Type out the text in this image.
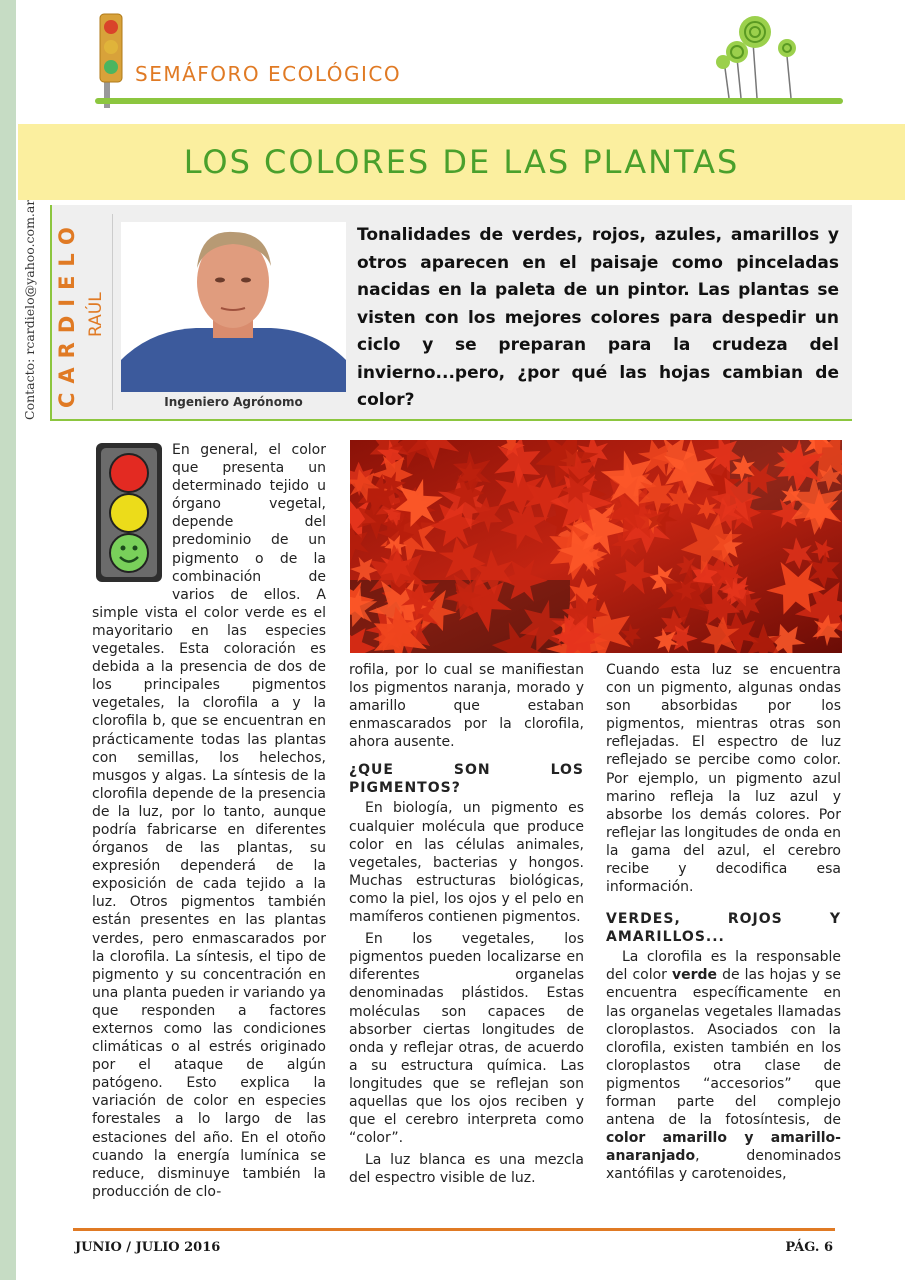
Contacto: rcardielo@yahoo.com.ar
SEMÁFORO ECOLÓGICO
LOS COLORES DE LAS PLANTAS
CARDIELO RAÚL
Ingeniero Agrónomo
Tonalidades de verdes, rojos, azules, amarillos y otros aparecen en el paisaje como pinceladas nacidas en la paleta de un pintor. Las plantas se visten con los mejores colores para despedir un ciclo y se preparan para la crudeza del invierno...pero, ¿por qué las hojas cambian de color?

En general, el color que presenta un determinado tejido u órgano vegetal, depende del predominio de un pigmento o de la combinación de varios de ellos. A simple vista el color verde es el mayoritario en las especies vegetales. Esta coloración es debida a la presencia de dos de los principales pigmentos vegetales, la clorofila a y la clorofila b, que se encuentran en prácticamente todas las plantas con semillas, los helechos, musgos y algas. La síntesis de la clorofila depende de la presencia de la luz, por lo tanto, aunque podría fabricarse en diferentes órganos de las plantas, su expresión dependerá de la exposición de cada tejido a la luz. Otros pigmentos también están presentes en las plantas verdes, pero enmascarados por la clorofila. La síntesis, el tipo de pigmento y su concentración en una planta pueden ir variando ya que responden a factores externos como las condiciones climáticas o al estrés originado por el ataque de algún patógeno. Esto explica la variación de color en especies forestales a lo largo de las estaciones del año. En el otoño cuando la energía lumínica se reduce, disminuye también la producción de clo-

rofila, por lo cual se manifiestan los pigmentos naranja, morado y amarillo que estaban enmascarados por la clorofila, ahora ausente.

¿QUE SON LOS PIGMENTOS?

En biología, un pigmento es cualquier molécula que produce color en las células animales, vegetales, bacterias y hongos. Muchas estructuras biológicas, como la piel, los ojos y el pelo en mamíferos contienen pigmentos.

En los vegetales, los pigmentos pueden localizarse en diferentes organelas denominadas plástidos. Estas moléculas son capaces de absorber ciertas longitudes de onda y reflejar otras, de acuerdo a su estructura química. Las longitudes que se reflejan son aquellas que los ojos reciben y que el cerebro interpreta como “color”.

La luz blanca es una mezcla del espectro visible de luz.

Cuando esta luz se encuentra con un pigmento, algunas ondas son absorbidas por los pigmentos, mientras otras son reflejadas. El espectro de luz reflejado se percibe como color. Por ejemplo, un pigmento azul marino refleja la luz azul y absorbe los demás colores. Por reflejar las longitudes de onda en la gama del azul, el cerebro recibe y decodifica esa información.

VERDES, ROJOS Y AMARILLOS...

La clorofila es la responsable del color verde de las hojas y se encuentra específicamente en las organelas vegetales llamadas cloroplastos. Asociados con la clorofila, existen también en los cloroplastos otra clase de pigmentos “accesorios” que forman parte del complejo antena de la fotosíntesis, de color amarillo y amarillo-anaranjado, denominados xantófilas y carotenoides,

JUNIO / JULIO 2016	PÁG. 6
